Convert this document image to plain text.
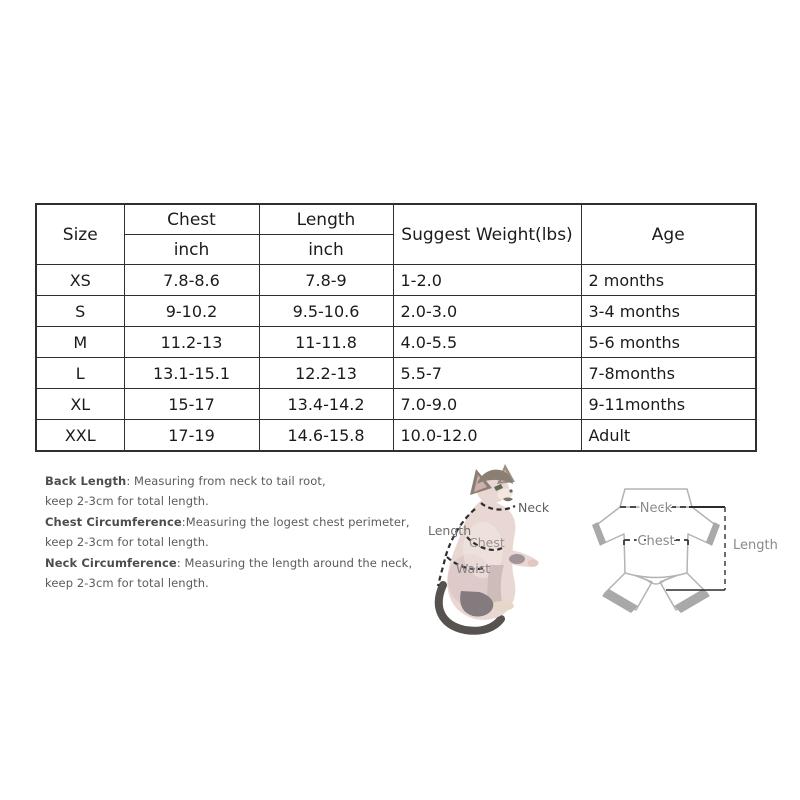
Size	Chest	Length	Suggest Weight(lbs)	Age
	inch	inch		
XS	7.8-8.6	7.8-9	1-2.0	2 months
S	9-10.2	9.5-10.6	2.0-3.0	3-4 months
M	11.2-13	11-11.8	4.0-5.5	5-6 months
L	13.1-15.1	12.2-13	5.5-7	7-8months
XL	15-17	13.4-14.2	7.0-9.0	9-11months
XXL	17-19	14.6-15.8	10.0-12.0	Adult
Back Length: Measuring from neck to tail root,
keep 2-3cm for total length.
Chest Circumference:Measuring the logest chest perimeter,
keep 2-3cm for total length.
Neck Circumference: Measuring the length around the neck,
keep 2-3cm for total length.
Neck
Length
Chest
Waist
Neck
Chest	Length
